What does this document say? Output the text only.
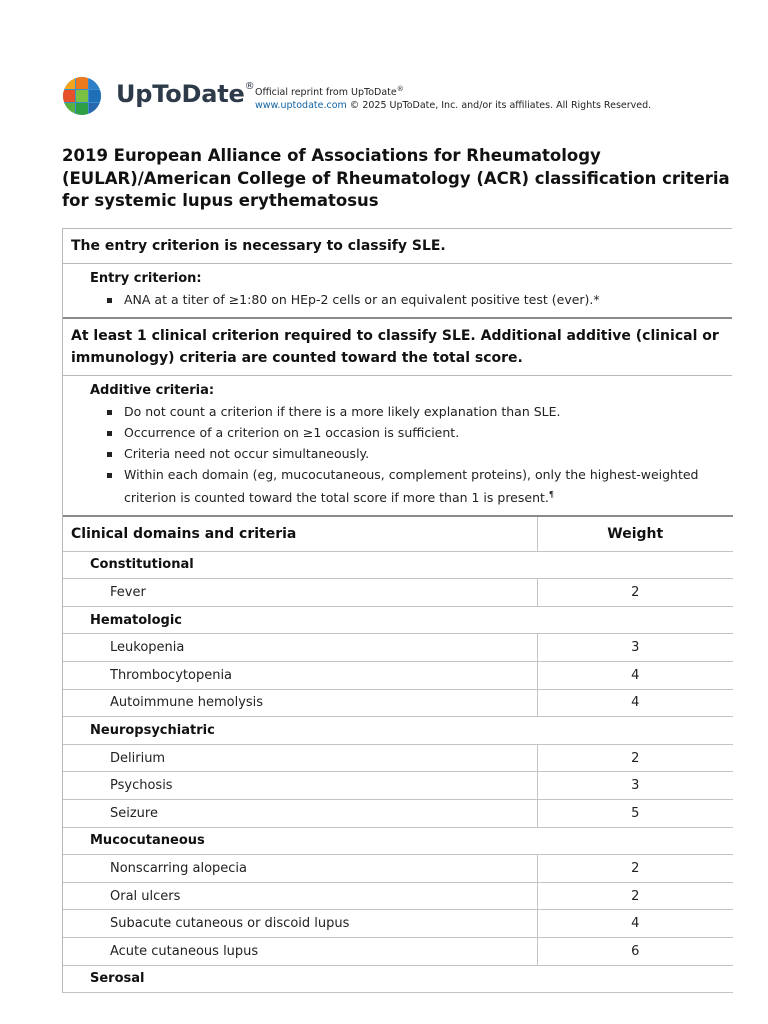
UpToDate®
Official reprint from UpToDate®
www.uptodate.com © 2025 UpToDate, Inc. and/or its affiliates. All Rights Reserved.
2019 European Alliance of Associations for Rheumatology (EULAR)/American College of Rheumatology (ACR) classification criteria for systemic lupus erythematosus
The entry criterion is necessary to classify SLE.
Entry criterion:
ANA at a titer of ≥1:80 on HEp-2 cells or an equivalent positive test (ever).*
At least 1 clinical criterion required to classify SLE. Additional additive (clinical or immunology) criteria are counted toward the total score.
Additive criteria:
Do not count a criterion if there is a more likely explanation than SLE.
Occurrence of a criterion on ≥1 occasion is sufficient.
Criteria need not occur simultaneously.
Within each domain (eg, mucocutaneous, complement proteins), only the highest-weighted criterion is counted toward the total score if more than 1 is present.¶
Clinical domains and criteria	Weight
Constitutional	
Fever	2
Hematologic	
Leukopenia	3
Thrombocytopenia	4
Autoimmune hemolysis	4
Neuropsychiatric	
Delirium	2
Psychosis	3
Seizure	5
Mucocutaneous	
Nonscarring alopecia	2
Oral ulcers	2
Subacute cutaneous or discoid lupus	4
Acute cutaneous lupus	6
Serosal	
